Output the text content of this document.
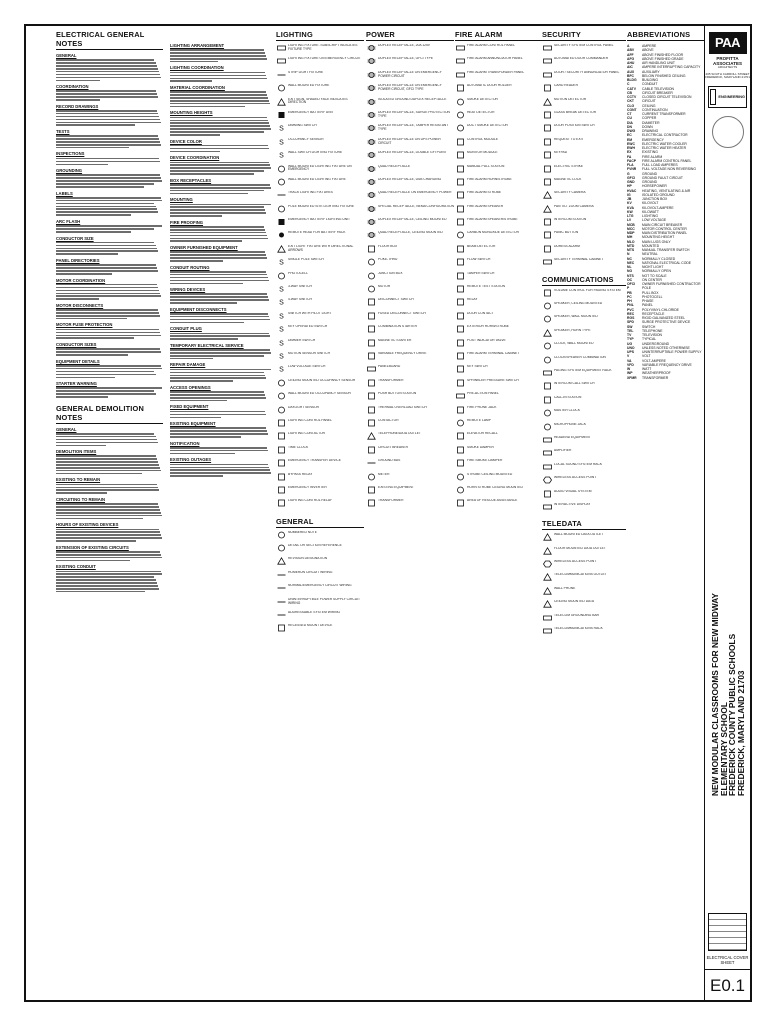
ELECTRICAL GENERAL NOTES
GENERAL
COORDINATION
RECORD DRAWINGS
TESTS
INSPECTIONS
GROUNDING
LABELS
ARC FLASH
CONDUCTOR SIZE
PANEL DIRECTORIES
MOTOR COORDINATION
MOTOR DISCONNECTS
MOTOR FUSE PROTECTION
CONDUCTOR SIZES
EQUIPMENT DETAILS
STARTER WARNING
GENERAL DEMOLITION NOTES
GENERAL
DEMOLITION ITEMS
EXISTING TO REMAIN
CIRCUITING TO REMAIN
HOURS OF EXISTING DEVICES
EXTENSION OF EXISTING CIRCUITS
EXISTING CONDUIT

LIGHTING ARRANGEMENT
LIGHTING COORDINATION
MATERIAL COORDINATION
MOUNTING HEIGHTS
DEVICE COLOR
DEVICE COORDINATION
BOX RECEPTACLES
MOUNTING
FIRE PROOFING
OWNER FURNISHED EQUIPMENT
CONDUIT ROUTING
WIRING DEVICES
EQUIPMENT DISCONNECTS
CONDUIT PLUG
TEMPORARY ELECTRICAL SERVICE
REPAIR DAMAGE
ACCESS OPENINGS
FIXED EQUIPMENT
EXISTING EQUIPMENT
NOTIFICATION
EXISTING OUTAGES
LIGHTING
LIGHTING FIXTURE. SUBSCRIPT INDICATES FIXTURE TYPE
LIGHTING FIXTURE ON EMERGENCY CIRCUIT
STRIP LIGHT FIXTURE
WALL MOUNTED FIXTURE
EXIT SIGN, SHADED FACE INDICATES DIRECTION
EMERGENCY BATTERY UNIT
S
DIMMING SWITCH
S
OCCUPANCY SENSOR
S
WALL SWITCH LIGHTING FIXTURE
WALL MOUNTED LIGHTING FIXTURE ON EMERGENCY
WALL MOUNTED LIGHTING FIXTURE
TRACK LIGHTING FIXTURES
POLE MOUNTED SITE LIGHTING FIXTURE
EMERGENCY BATTERY LIGHTING UNIT
REMOTE HEAD FOR BATTERY PACK
EXIT LIGHT FIXTURE WITH DIRECTIONAL ARROWS
S
SINGLE POLE SWITCH
PHOTOCELL
S
3-WAY SWITCH
S
4-WAY SWITCH
S
SWITCH WITH PILOT LIGHT
S
KEY OPERATED SWITCH
S
DIMMER SWITCH
S
MOTION SENSOR SWITCH
S
LOW VOLTAGE SWITCH
CEILING MOUNTED OCCUPANCY SENSOR
WALL MOUNTED OCCUPANCY SENSOR
DAYLIGHT SENSOR
LIGHTING CONTROL PANEL
LIGHTING CONTACTOR
TIME CLOCK
EMERGENCY TRANSFER DEVICE
BYPASS RELAY
EMERGENCY INVERTER
LIGHTING CONTROL RELAY
GENERAL
NUMBERED NOTE
DETAIL OR SECTION REFERENCE
REVISION DESIGNATION
HOMERUN CIRCUIT WIRING
NORMAL/EMERGENCY CIRCUIT WIRING
UNINTERRUPTIBLE POWER SUPPLY CIRCUIT WIRING
ADDRESSABLE SYSTEM WIRING
RECESSED MOUNT DEVICE
POWER
DUPLEX RECEPTACLE, 20A 125V
DUPLEX RECEPTACLE, GFCI TYPE
DUPLEX RECEPTACLE ON EMERGENCY POWER CIRCUIT
DUPLEX RECEPTACLE ON EMERGENCY POWER CIRCUIT, GFCI TYPE
ISOLATED GROUND DUPLEX RECEPTACLE
DUPLEX RECEPTACLE, SURGE PROTECTION TYPE
DUPLEX RECEPTACLE, TAMPER RESISTANT TYPE
DUPLEX RECEPTACLE ON UPS POWER CIRCUIT
DUPLEX RECEPTACLE, DOUBLE GFI POINT
QUAD RECEPTACLE
DUPLEX RECEPTACLE, USB CHARGING
QUAD RECEPTACLE ON EMERGENCY POWER
SPECIAL RECEPTACLE, NEMA CONFIGURATION
DUPLEX RECEPTACLE, CEILING MOUNTED
QUAD RECEPTACLE, CEILING MOUNTED
FLOOR BOX
POKE-THRU
JUNCTION BOX
MOTOR
DISCONNECT SWITCH
FUSED DISCONNECT SWITCH
COMBINATION STARTER
MAGNETIC STARTER
VARIABLE FREQUENCY DRIVE
PANELBOARD
TRANSFORMER
PUSH BUTTON STATION
THERMAL OVERLOAD SWITCH
CONTACTOR
TELEPHONE/DATA OUTLET
CIRCUIT BREAKER
GROUND BUS
METER
EXISTING EQUIPMENT
TRANSFORMER
FIRE ALARM
FIRE ALARM CONTROL PANEL
FIRE ALARM ANNUNCIATOR PANEL
FIRE ALARM TRANSPONDER PANEL
AUTOMATIC DOOR HOLDER
SMOKE DETECTOR
HEAT DETECTOR
DUCT SMOKE DETECTOR
CONTROL MODULE
MONITOR MODULE
MANUAL PULL STATION
FIRE ALARM HORN/STROBE
FIRE ALARM STROBE
FIRE ALARM SPEAKER
FIRE ALARM SPEAKER/STROBE
CARBON MONOXIDE DETECTOR
BEAM DETECTOR
FLOW SWITCH
TAMPER SWITCH
REMOTE TEST STATION
RELAY
DOOR CONTACT
EXTERIOR HORN/STROBE
POST INDICATOR VALVE
FIRE ALARM TERMINAL CABINET
KEY SWITCH
SPRINKLER PRESSURE SWITCH
PRE-ACTION PANEL
FIRE PHONE JACK
REMOTE LAMP
ELEVATOR RECALL
SMOKE DAMPER
FIRE SMOKE DAMPER
STROBE CEILING MOUNTED
HORN STROBE CEILING MOUNTED
AREA OF RESCUE ASSISTANCE
SECURITY
SECURITY SYSTEM CONTROL PANEL
AUTOMATED DOOR COMMANDER
DOOR / SECURITY ANNUNCIATOR PANEL
CARD READER
MOTION DETECTOR
GLASS BREAK DETECTOR
DOOR POSITION SWITCH
REQUEST TO EXIT
KEYPAD
ELECTRIC STRIKE
MAGNETIC LOCK
SECURITY CAMERA
PAN TILT ZOOM CAMERA
INTERCOM STATION
PANIC BUTTON
DURESS ALARM
SECURITY TERMINAL CABINET
COMMUNICATIONS
VOLUME CONTROL FOR PAGING SYSTEM
SPEAKER, CEILING MOUNTED
SPEAKER, WALL MOUNTED
SPEAKER, HORN TYPE
CLOCK, WALL MOUNTED
CLOCK/SPEAKER COMBINATION
PAGING SYSTEM EQUIPMENT RACK
INTERCOM CALL SWITCH
CALL-IN STATION
MASTER CLOCK
MICROPHONE JACK
HEADEND EQUIPMENT
AMPLIFIER
LOCAL SOUND SYSTEM RACK
WIRELESS ACCESS POINT
AUDIO VISUAL SYSTEM
INTERACTIVE DISPLAY
TELEDATA
WALL MOUNTED DATA OUTLET
FLOOR MOUNTED DATA OUTLET
WIRELESS ACCESS POINT
TELECOMMUNICATIONS OUTLET
WALL PHONE
CEILING MOUNTED DATA
TELECOM GROUNDING BAR
TELECOMMUNICATIONS RACK
ABBREVIATIONS
A	AMPERE
ABV	ABOVE
AFF	ABOVE FINISHED FLOOR
AFG	ABOVE FINISHED GRADE
AHU	AIR HANDLING UNIT
AIC	AMPERE INTERRUPTING CAPACITY
AUX	AUXILIARY
BFC	BELOW FINISHED CEILING
BLDG	BUILDING
C	CONDUIT
CATV	CABLE TELEVISION
CB	CIRCUIT BREAKER
CCTV	CLOSED CIRCUIT TELEVISION
CKT	CIRCUIT
CLG	CEILING
CONT	CONTINUATION
CT	CURRENT TRANSFORMER
CU	COPPER
DIA	DIAMETER
DN	DOWN
DWG	DRAWING
EC	ELECTRICAL CONTRACTOR
EM	EMERGENCY
EWC	ELECTRIC WATER COOLER
EWH	ELECTRIC WATER HEATER
EX	EXISTING
FA	FIRE ALARM
FACP	FIRE ALARM CONTROL PANEL
FLA	FULL LOAD AMPERES
FVNR	FULL VOLTAGE NON REVERSING
G	GROUND
GFCI	GROUND FAULT CIRCUIT
GND	GROUND
HP	HORSEPOWER
HVAC	HEATING, VENTILATING & AIR
IG	ISOLATED GROUND
JB	JUNCTION BOX
KV	KILOVOLT
KVA	KILOVOLT-AMPERE
KW	KILOWATT
LTG	LIGHTING
LV	LOW VOLTAGE
MCB	MAIN CIRCUIT BREAKER
MCC	MOTOR CONTROL CENTER
MDP	MAIN DISTRIBUTION PANEL
MH	MOUNTING HEIGHT
MLO	MAIN LUGS ONLY
MTD	MOUNTED
MTS	MANUAL TRANSFER SWITCH
N	NEUTRAL
NC	NORMALLY CLOSED
NEC	NATIONAL ELECTRICAL CODE
NL	NIGHT LIGHT
NO	NORMALLY OPEN
NTS	NOT TO SCALE
OC	ON CENTER
OFCI	OWNER FURNISHED CONTRACTOR
P	POLE
PB	PULL BOX
PC	PHOTOCELL
PH	PHASE
PNL	PANEL
PVC	POLYVINYL CHLORIDE
REC	RECEPTACLE
RGS	RIGID GALVANIZED STEEL
SPD	SURGE PROTECTIVE DEVICE
SW	SWITCH
TEL	TELEPHONE
TV	TELEVISION
TYP	TYPICAL
UG	UNDERGROUND
UNO	UNLESS NOTED OTHERWISE
UPS	UNINTERRUPTIBLE POWER SUPPLY
V	VOLT
VA	VOLT-AMPERE
VFD	VARIABLE FREQUENCY DRIVE
W	WATT
WP	WEATHERPROOF
XFMR	TRANSFORMER
PAA
PROFITTA ASSOCIATES
ARCHITECTS
405 SOUTH CARROLL STREET FREDERICK, MARYLAND 21701
ENGINEERING
NEW MODULAR CLASSROOMS FOR NEW MIDWAY ELEMENTARY SCHOOL
FREDERICK COUNTY PUBLIC SCHOOLS
FREDERICK, MARYLAND 21703
ELECTRICAL COVER SHEET
E0.1
